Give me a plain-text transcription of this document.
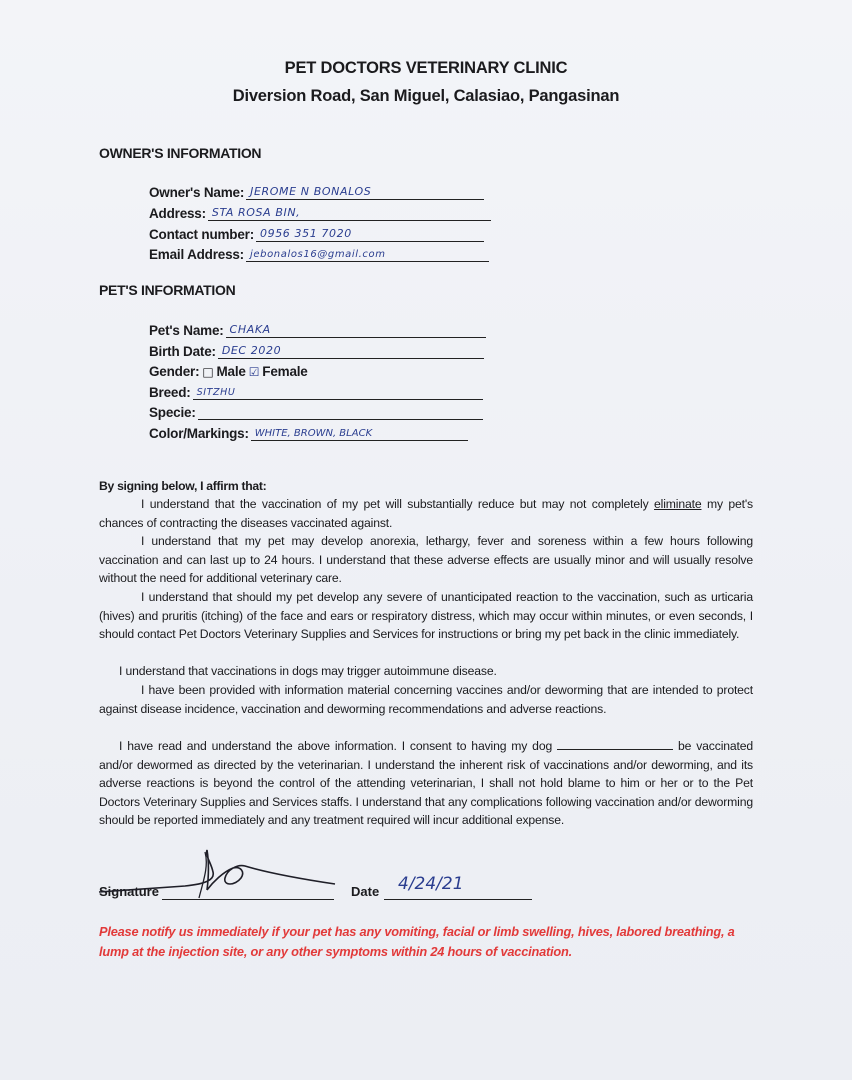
PET DOCTORS VETERINARY CLINIC
Diversion Road, San Miguel, Calasiao, Pangasinan
OWNER'S INFORMATION
Owner's Name: JEROME N BONALOS
Address: STA ROSA BIN,
Contact number: 0956 351 7020
Email Address: jebonalos16@gmail.com
PET'S INFORMATION
Pet's Name: CHAKA
Birth Date: DEC 2020
Gender: □ Male ☑ Female
Breed: SITZHU
Specie:
Color/Markings: WHITE, BROWN, BLACK
By signing below, I affirm that:
I understand that the vaccination of my pet will substantially reduce but may not completely eliminate my pet's chances of contracting the diseases vaccinated against.
I understand that my pet may develop anorexia, lethargy, fever and soreness within a few hours following vaccination and can last up to 24 hours. I understand that these adverse effects are usually minor and will usually resolve without the need for additional veterinary care.
I understand that should my pet develop any severe of unanticipated reaction to the vaccination, such as urticaria (hives) and pruritis (itching) of the face and ears or respiratory distress, which may occur within minutes, or even seconds, I should contact Pet Doctors Veterinary Supplies and Services for instructions or bring my pet back in the clinic immediately.
I understand that vaccinations in dogs may trigger autoimmune disease.
I have been provided with information material concerning vaccines and/or deworming that are intended to protect against disease incidence, vaccination and deworming recommendations and adverse reactions.
I have read and understand the above information. I consent to having my dog	be vaccinated and/or dewormed as directed by the veterinarian. I understand the inherent risk of vaccinations and/or deworming, and its adverse reactions is beyond the control of the attending veterinarian, I shall not hold blame to him or her or to the Pet Doctors Veterinary Supplies and Services staffs. I understand that any complications following vaccination and/or deworming should be reported immediately and any treatment required will incur additional expense.
Signature	Date 4/24/21
Please notify us immediately if your pet has any vomiting, facial or limb swelling, hives, labored breathing, a lump at the injection site, or any other symptoms within 24 hours of vaccination.
